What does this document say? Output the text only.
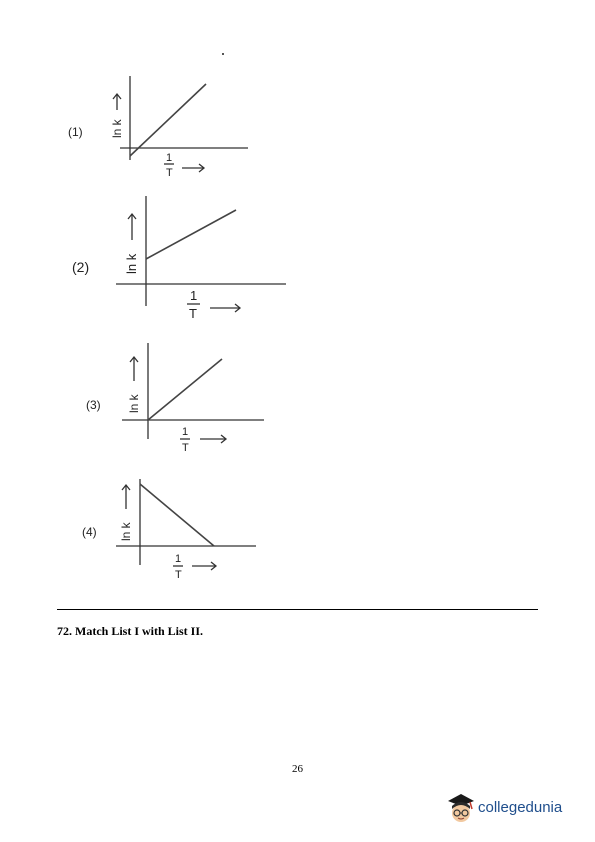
(1) ln k
1
T
(2)	ln k
1
T
(3) ln k
1
T
(4) ln k
1
T
72. Match List I with List II.
26
collegedunia
